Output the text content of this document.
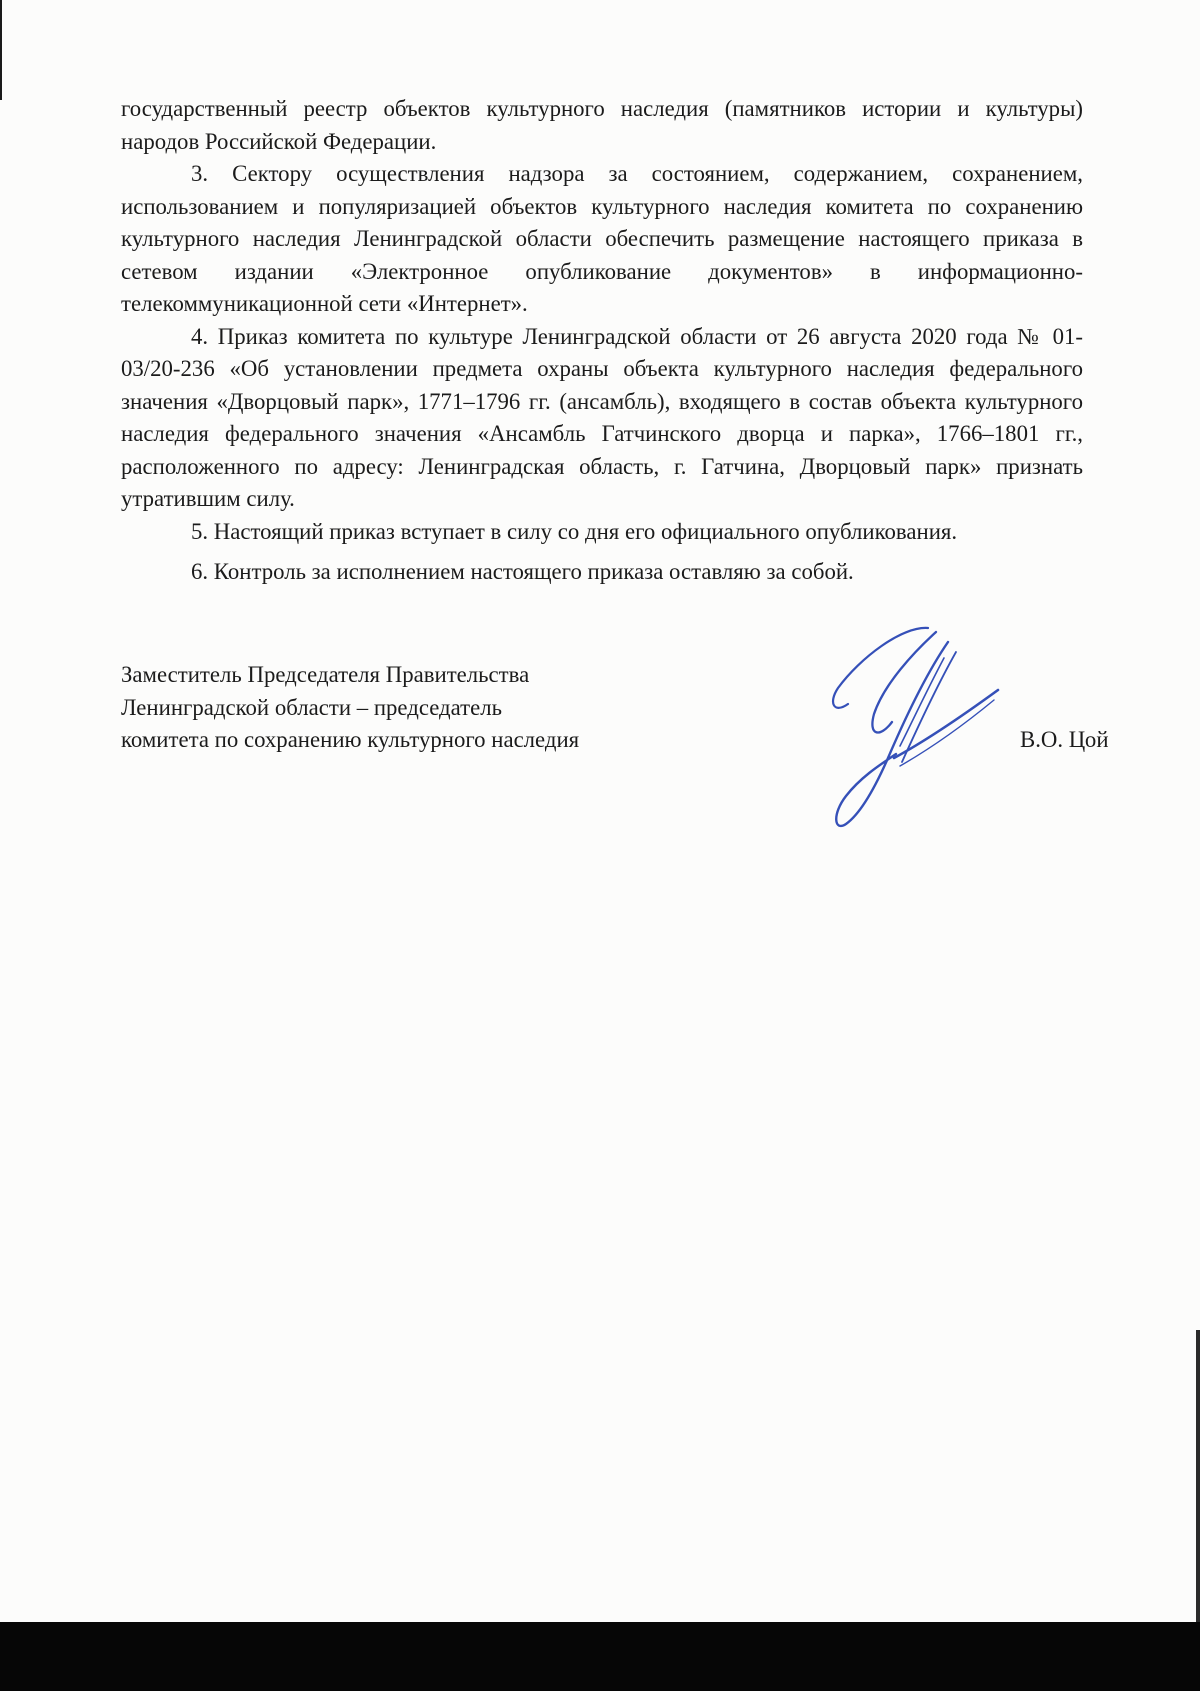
государственный реестр объектов культурного наследия (памятников истории и культуры) народов Российской Федерации.

3. Сектору осуществления надзора за состоянием, содержанием, сохранением, использованием и популяризацией объектов культурного наследия комитета по сохранению культурного наследия Ленинградской области обеспечить размещение настоящего приказа в сетевом издании «Электронное опубликование документов» в информационно-телекоммуникационной сети «Интернет».

4. Приказ комитета по культуре Ленинградской области от 26 августа 2020 года № 01-03/20-236 «Об установлении предмета охраны объекта культурного наследия федерального значения «Дворцовый парк», 1771–1796 гг. (ансамбль), входящего в состав объекта культурного наследия федерального значения «Ансамбль Гатчинского дворца и парка», 1766–1801 гг., расположенного по адресу: Ленинградская область, г. Гатчина, Дворцовый парк» признать утратившим силу.

5. Настоящий приказ вступает в силу со дня его официального опубликования.

6. Контроль за исполнением настоящего приказа оставляю за собой.

Заместитель Председателя Правительства
Ленинградской области – председатель
комитета по сохранению культурного наследия	В.О. Цой
